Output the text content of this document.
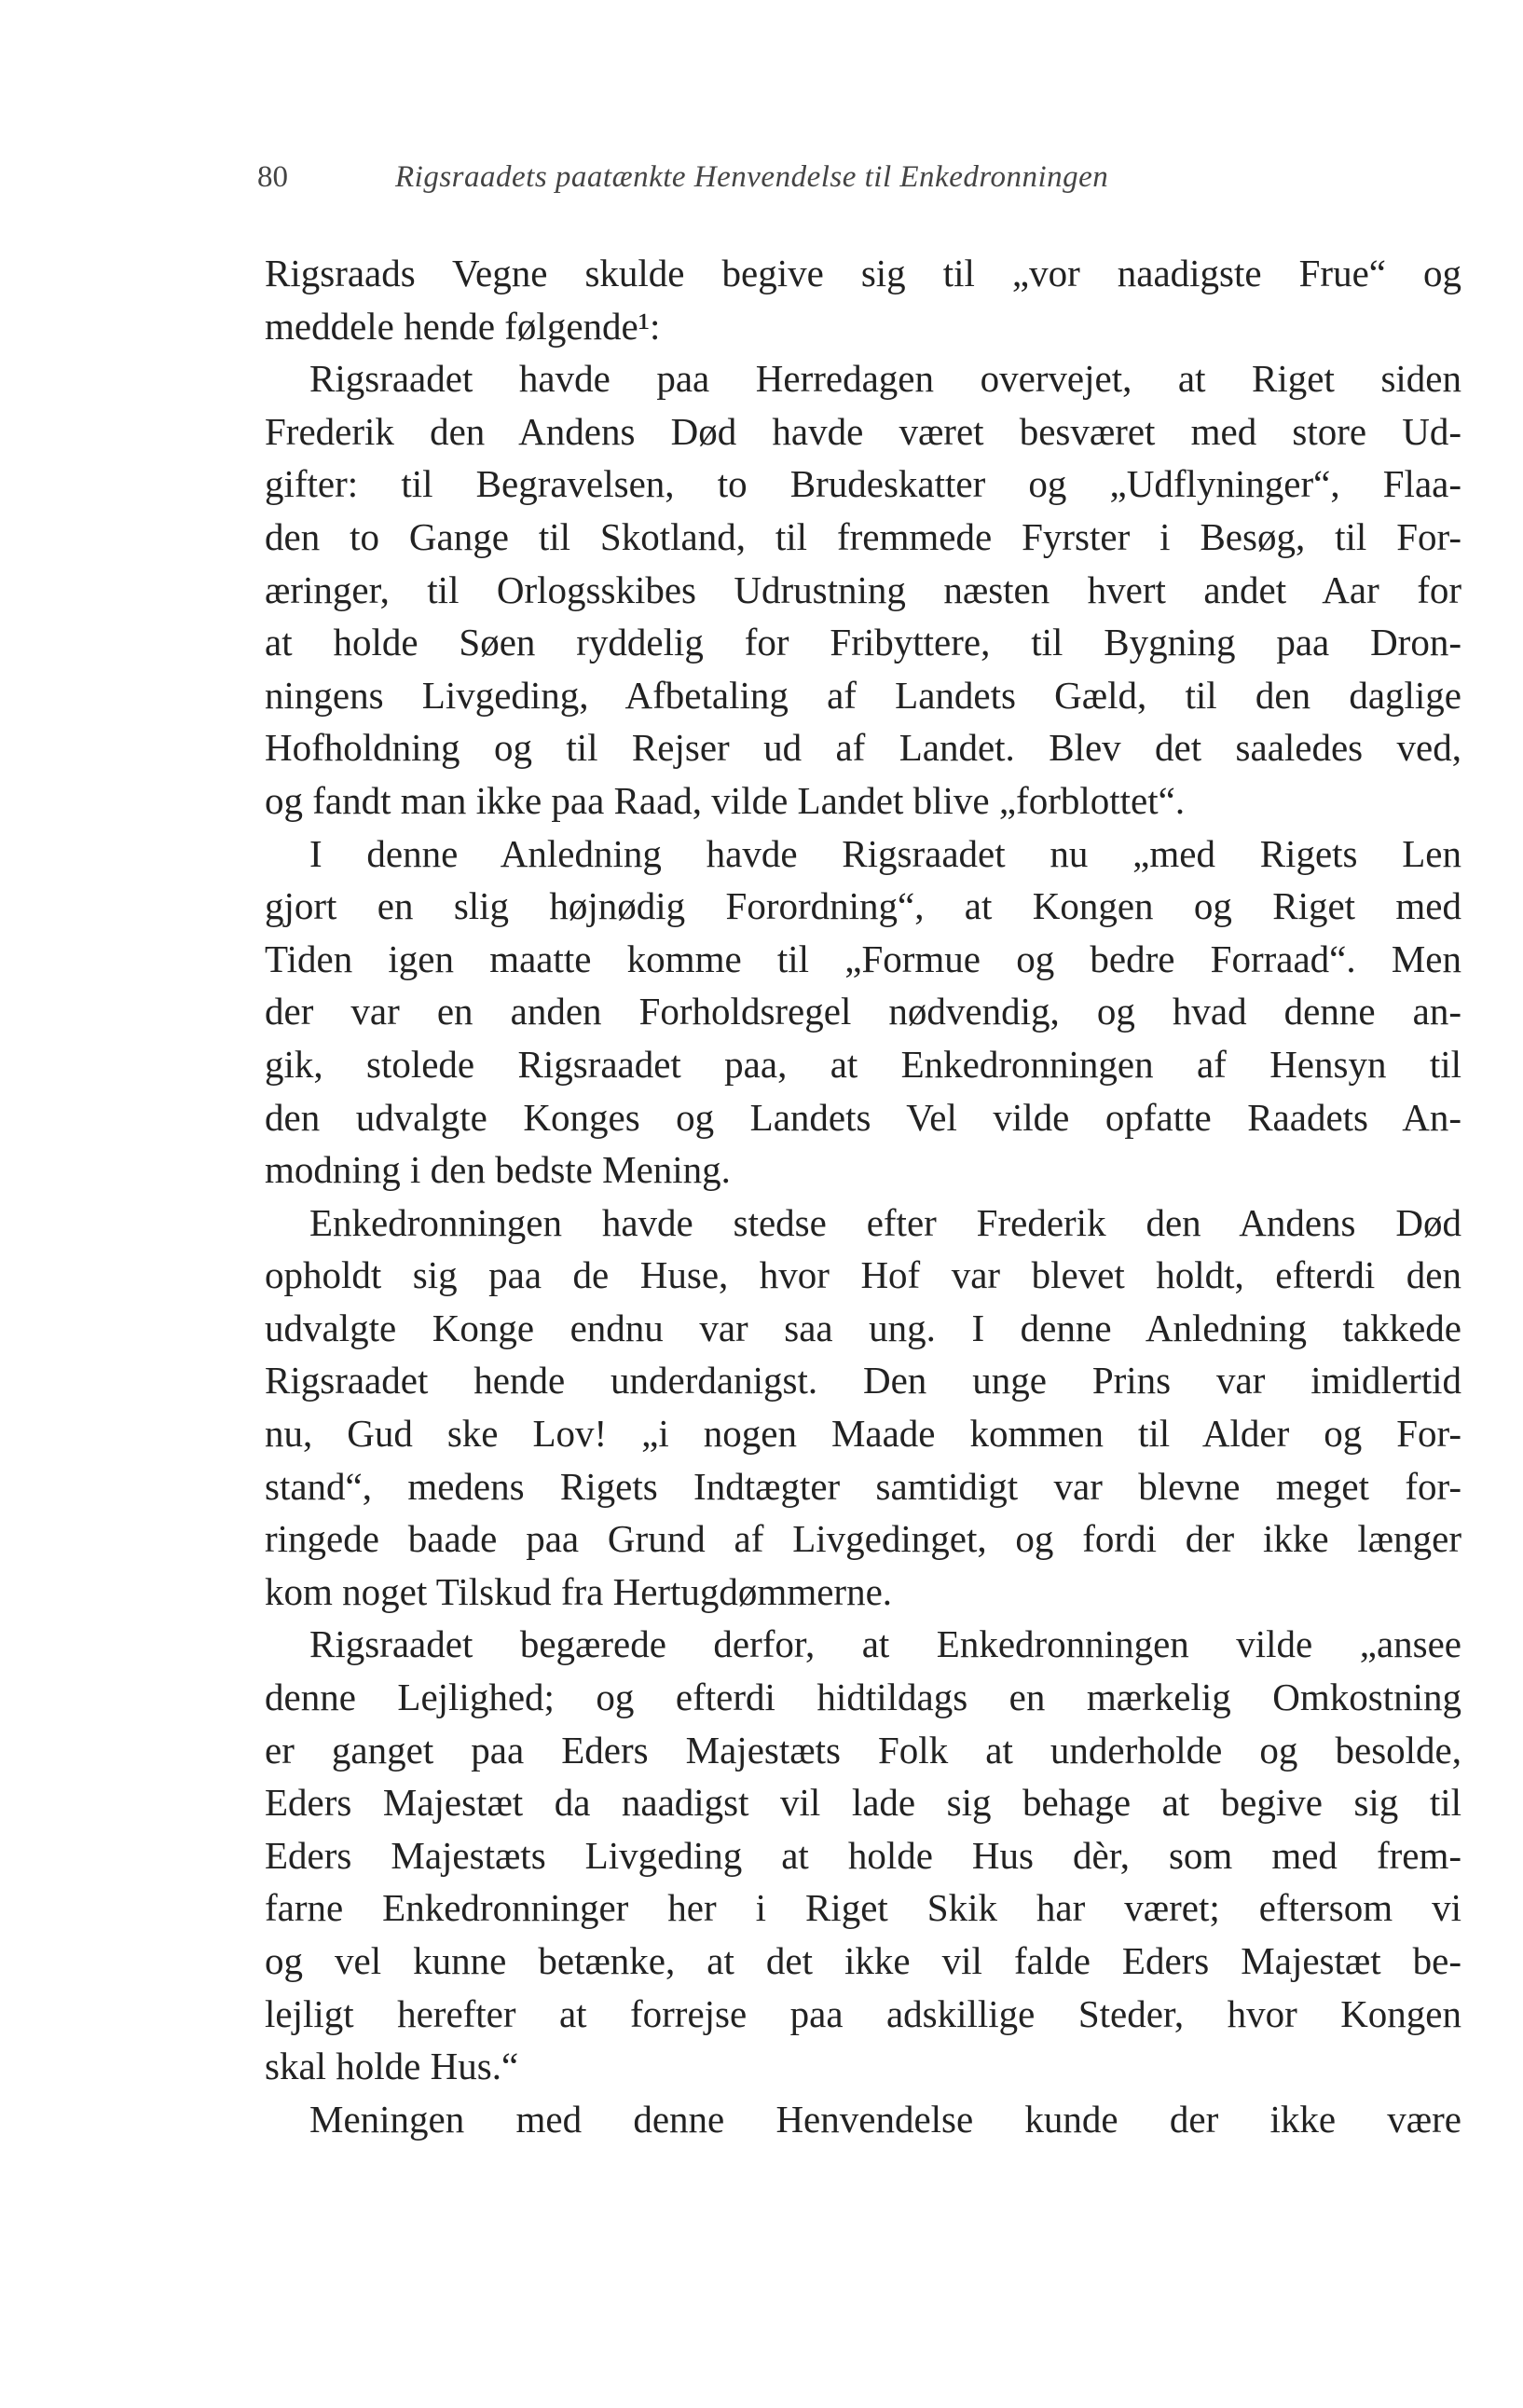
80	Rigsraadets paatænkte Henvendelse til Enkedronningen
Rigsraads Vegne skulde begive sig til „vor naadigste Frue“ og
meddele hende følgende¹:
Rigsraadet havde paa Herredagen overvejet, at Riget siden
Frederik den Andens Død havde været besværet med store Ud-
gifter: til Begravelsen, to Brudeskatter og „Udflyninger“, Flaa-
den to Gange til Skotland, til fremmede Fyrster i Besøg, til For-
æringer, til Orlogsskibes Udrustning næsten hvert andet Aar for
at holde Søen ryddelig for Fribyttere, til Bygning paa Dron-
ningens Livgeding, Afbetaling af Landets Gæld, til den daglige
Hofholdning og til Rejser ud af Landet. Blev det saaledes ved,
og fandt man ikke paa Raad, vilde Landet blive „forblottet“.
I denne Anledning havde Rigsraadet nu „med Rigets Len
gjort en slig højnødig Forordning“, at Kongen og Riget med
Tiden igen maatte komme til „Formue og bedre Forraad“. Men
der var en anden Forholdsregel nødvendig, og hvad denne an-
gik, stolede Rigsraadet paa, at Enkedronningen af Hensyn til
den udvalgte Konges og Landets Vel vilde opfatte Raadets An-
modning i den bedste Mening.
Enkedronningen havde stedse efter Frederik den Andens Død
opholdt sig paa de Huse, hvor Hof var blevet holdt, efterdi den
udvalgte Konge endnu var saa ung. I denne Anledning takkede
Rigsraadet hende underdanigst. Den unge Prins var imidlertid
nu, Gud ske Lov! „i nogen Maade kommen til Alder og For-
stand“, medens Rigets Indtægter samtidigt var blevne meget for-
ringede baade paa Grund af Livgedinget, og fordi der ikke længer
kom noget Tilskud fra Hertugdømmerne.
Rigsraadet begærede derfor, at Enkedronningen vilde „ansee
denne Lejlighed; og efterdi hidtildags en mærkelig Omkostning
er ganget paa Eders Majestæts Folk at underholde og besolde,
Eders Majestæt da naadigst vil lade sig behage at begive sig til
Eders Majestæts Livgeding at holde Hus dèr, som med frem-
farne Enkedronninger her i Riget Skik har været; eftersom vi
og vel kunne betænke, at det ikke vil falde Eders Majestæt be-
lejligt herefter at forrejse paa adskillige Steder, hvor Kongen
skal holde Hus.“
Meningen med denne Henvendelse kunde der ikke være
